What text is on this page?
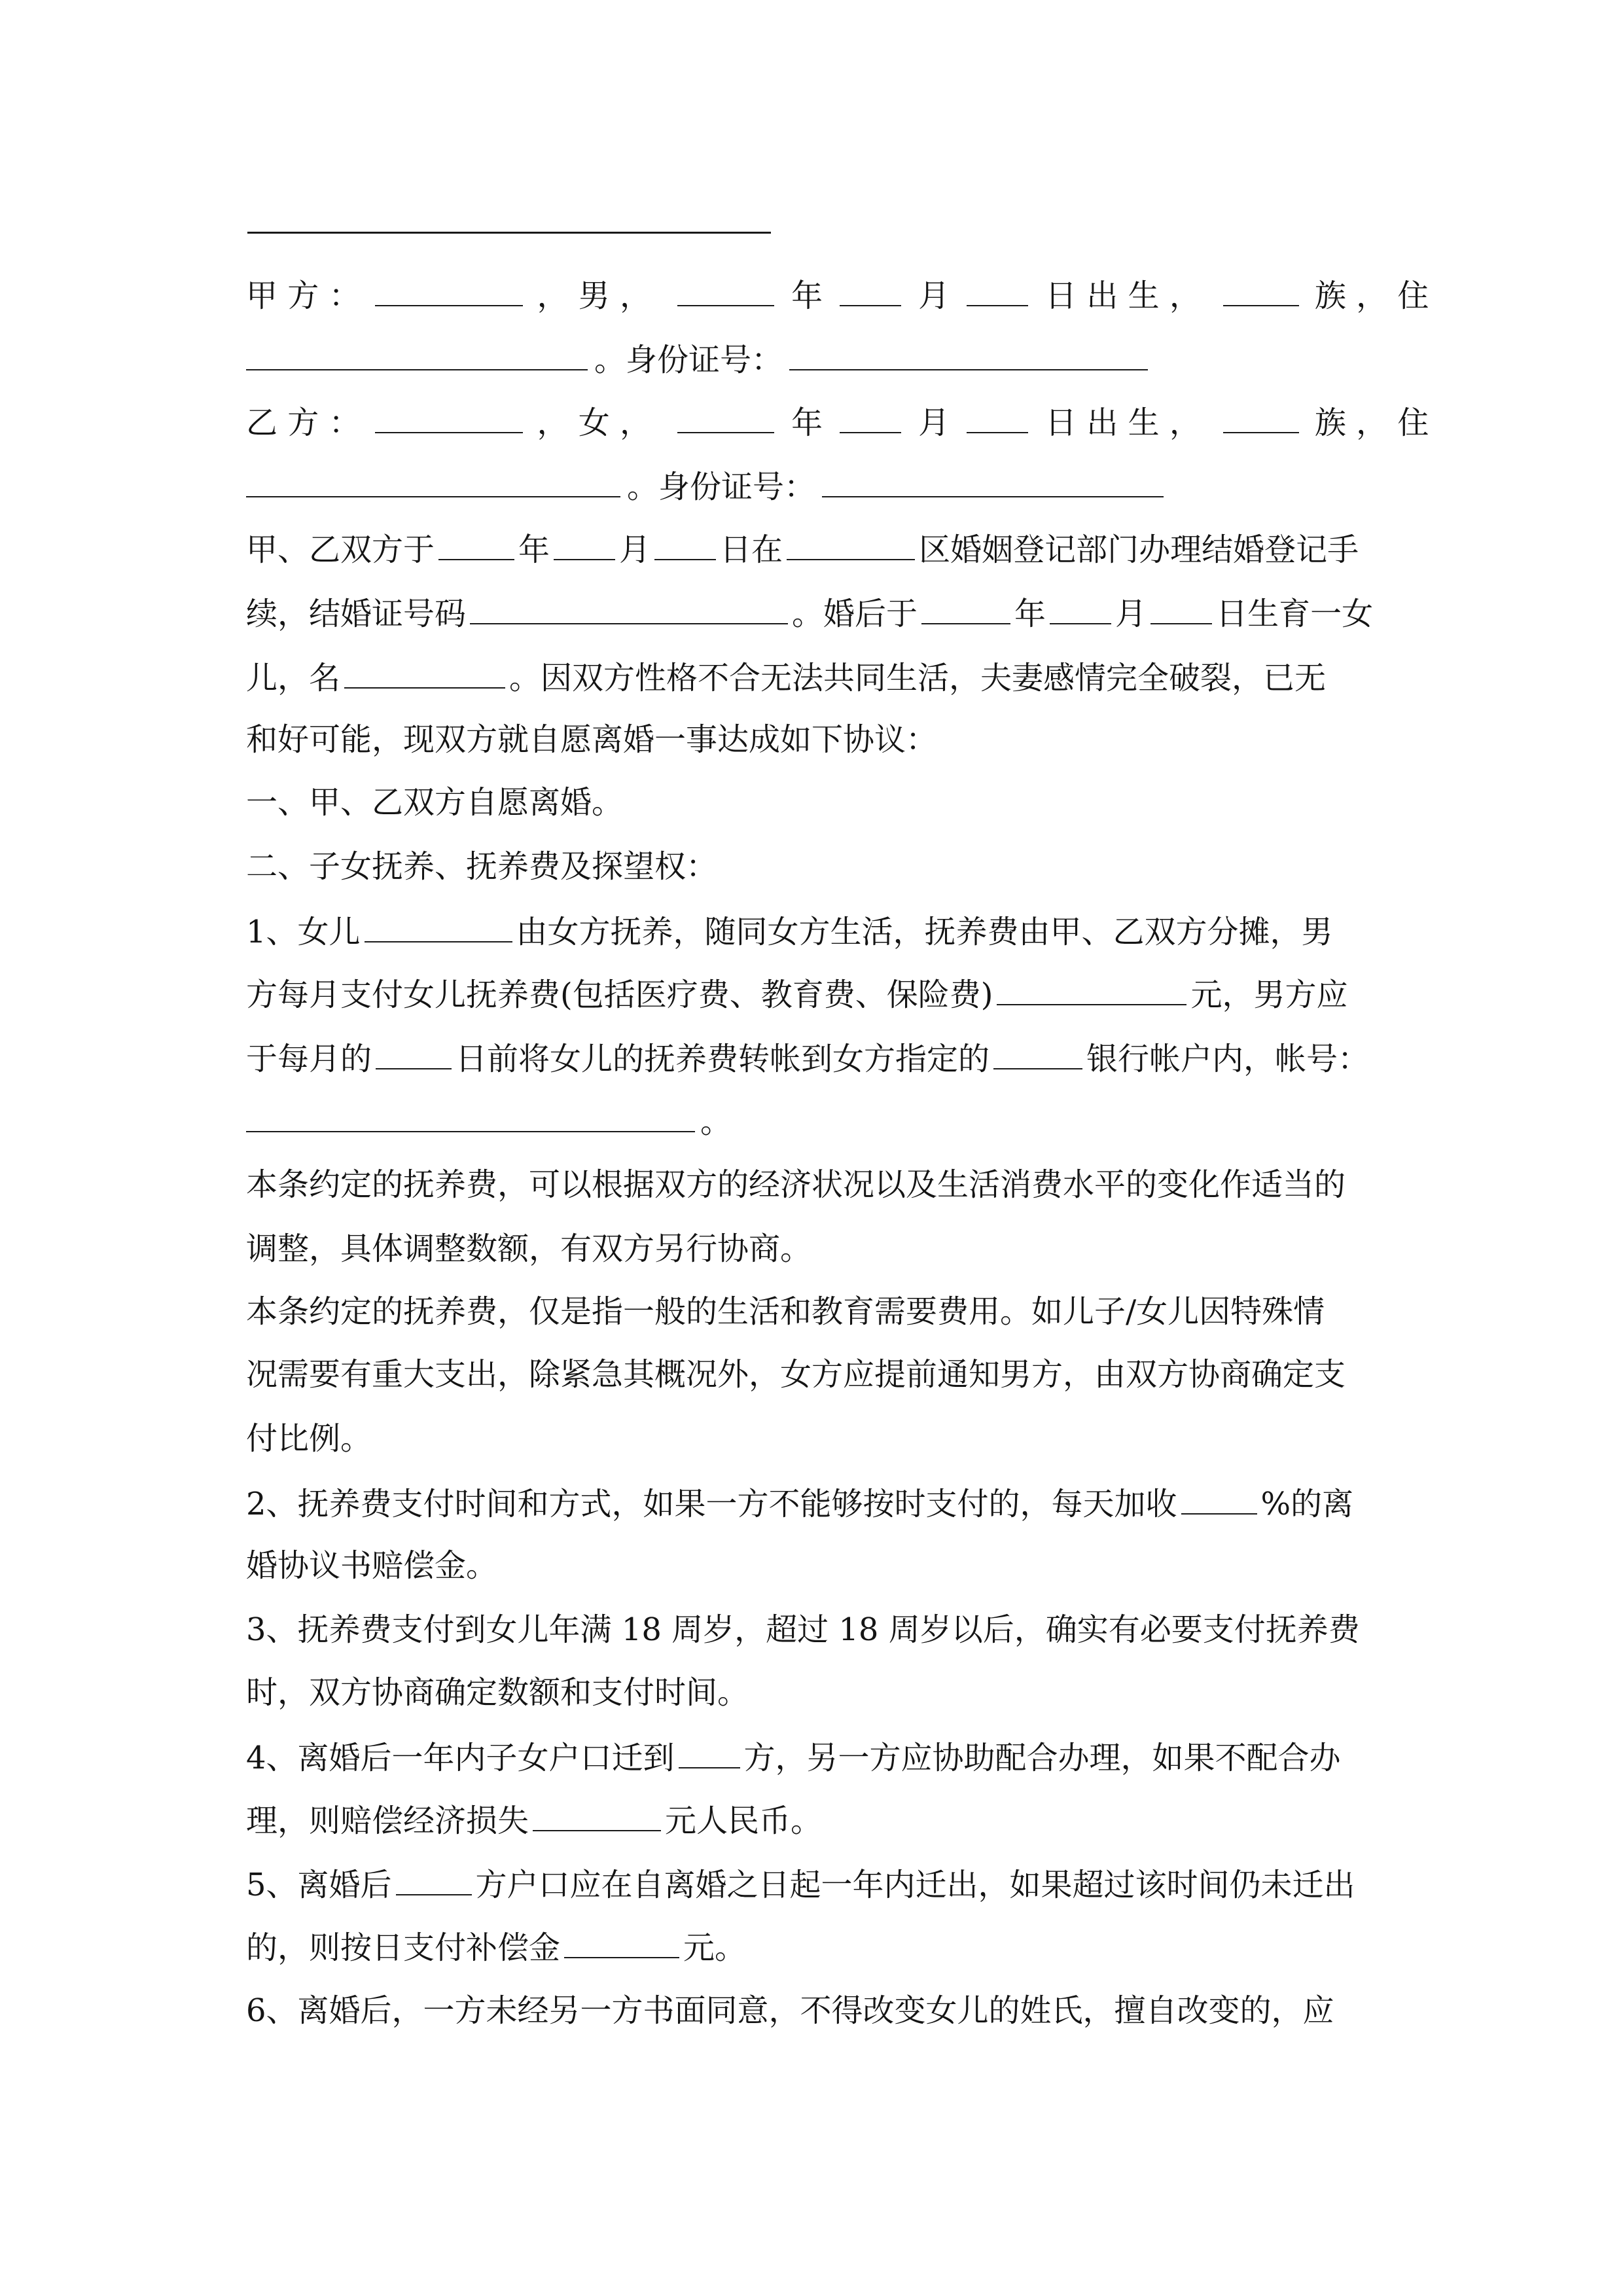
甲 方 ：	， 男 ，	年	月	日 出 生 ，	族 ， 住
。身份证号：
乙 方 ：	， 女 ，	年	月	日 出 生 ，	族 ， 住
。身份证号：
甲、乙双方于	年 月 日在	区婚姻登记部门办理结婚登记手
续，结婚证号码	。婚后于	年 月 日生育一女
儿，名	。因双方性格不合无法共同生活，夫妻感情完全破裂，已无
和好可能，现双方就自愿离婚一事达成如下协议：
一、甲、乙双方自愿离婚。
二、子女抚养、抚养费及探望权：
1、女儿	由女方抚养，随同女方生活，抚养费由甲、乙双方分摊，男
方每月支付女儿抚养费(包括医疗费、教育费、保险费)	元，男方应
于每月的	日前将女儿的抚养费转帐到女方指定的	银行帐户内，帐号：
。
本条约定的抚养费，可以根据双方的经济状况以及生活消费水平的变化作适当的
调整，具体调整数额，有双方另行协商。
本条约定的抚养费，仅是指一般的生活和教育需要费用。如儿子/女儿因特殊情
况需要有重大支出，除紧急其概况外，女方应提前通知男方，由双方协商确定支
付比例。
2、抚养费支付时间和方式，如果一方不能够按时支付的，每天加收	%的离
婚协议书赔偿金。
3、抚养费支付到女儿年满 18 周岁，超过 18 周岁以后，确实有必要支付抚养费
时，双方协商确定数额和支付时间。
4、离婚后一年内子女户口迁到 方，另一方应协助配合办理，如果不配合办
理，则赔偿经济损失	元人民币。
5、离婚后	方户口应在自离婚之日起一年内迁出，如果超过该时间仍未迁出
的，则按日支付补偿金	元。
6、离婚后，一方未经另一方书面同意，不得改变女儿的姓氏，擅自改变的，应
